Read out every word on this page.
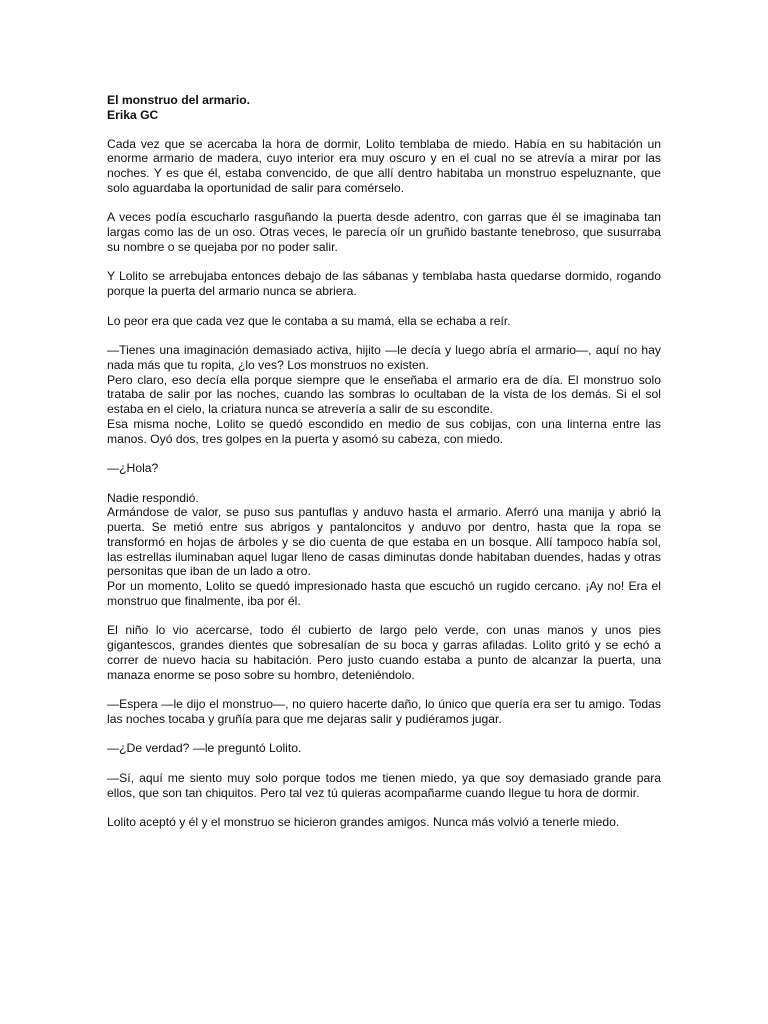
El monstruo del armario.
Erika GC

Cada vez que se acercaba la hora de dormir, Lolito temblaba de miedo. Había en su habitación un enorme armario de madera, cuyo interior era muy oscuro y en el cual no se atrevía a mirar por las noches. Y es que él, estaba convencido, de que allí dentro habitaba un monstruo espeluznante, que solo aguardaba la oportunidad de salir para comérselo.

A veces podía escucharlo rasguñando la puerta desde adentro, con garras que él se imaginaba tan largas como las de un oso. Otras veces, le parecía oír un gruñido bastante tenebroso, que susurraba su nombre o se quejaba por no poder salir.

Y Lolito se arrebujaba entonces debajo de las sábanas y temblaba hasta quedarse dormido, rogando porque la puerta del armario nunca se abriera.

Lo peor era que cada vez que le contaba a su mamá, ella se echaba a reír.

—Tienes una imaginación demasiado activa, hijito —le decía y luego abría el armario—, aquí no hay nada más que tu ropita, ¿lo ves? Los monstruos no existen.

Pero claro, eso decía ella porque siempre que le enseñaba el armario era de día. El monstruo solo trataba de salir por las noches, cuando las sombras lo ocultaban de la vista de los demás. Si el sol estaba en el cielo, la criatura nunca se atrevería a salir de su escondite.

Esa misma noche, Lolito se quedó escondido en medio de sus cobijas, con una linterna entre las manos. Oyó dos, tres golpes en la puerta y asomó su cabeza, con miedo.

—¿Hola?

Nadie respondió.

Armándose de valor, se puso sus pantuflas y anduvo hasta el armario. Aferró una manija y abrió la puerta. Se metió entre sus abrigos y pantaloncitos y anduvo por dentro, hasta que la ropa se transformó en hojas de árboles y se dio cuenta de que estaba en un bosque. Allí tampoco había sol, las estrellas iluminaban aquel lugar lleno de casas diminutas donde habitaban duendes, hadas y otras personitas que iban de un lado a otro.

Por un momento, Lolito se quedó impresionado hasta que escuchó un rugido cercano. ¡Ay no! Era el monstruo que finalmente, iba por él.

El niño lo vio acercarse, todo él cubierto de largo pelo verde, con unas manos y unos pies gigantescos, grandes dientes que sobresalían de su boca y garras afiladas. Lolito gritó y se echó a correr de nuevo hacia su habitación. Pero justo cuando estaba a punto de alcanzar la puerta, una manaza enorme se poso sobre su hombro, deteniéndolo.

—Espera —le dijo el monstruo—, no quiero hacerte daño, lo único que quería era ser tu amigo. Todas las noches tocaba y gruñía para que me dejaras salir y pudiéramos jugar.

—¿De verdad? —le preguntó Lolito.

—Sí, aquí me siento muy solo porque todos me tienen miedo, ya que soy demasiado grande para ellos, que son tan chiquitos. Pero tal vez tú quieras acompañarme cuando llegue tu hora de dormir.

Lolito aceptó y él y el monstruo se hicieron grandes amigos. Nunca más volvió a tenerle miedo.
